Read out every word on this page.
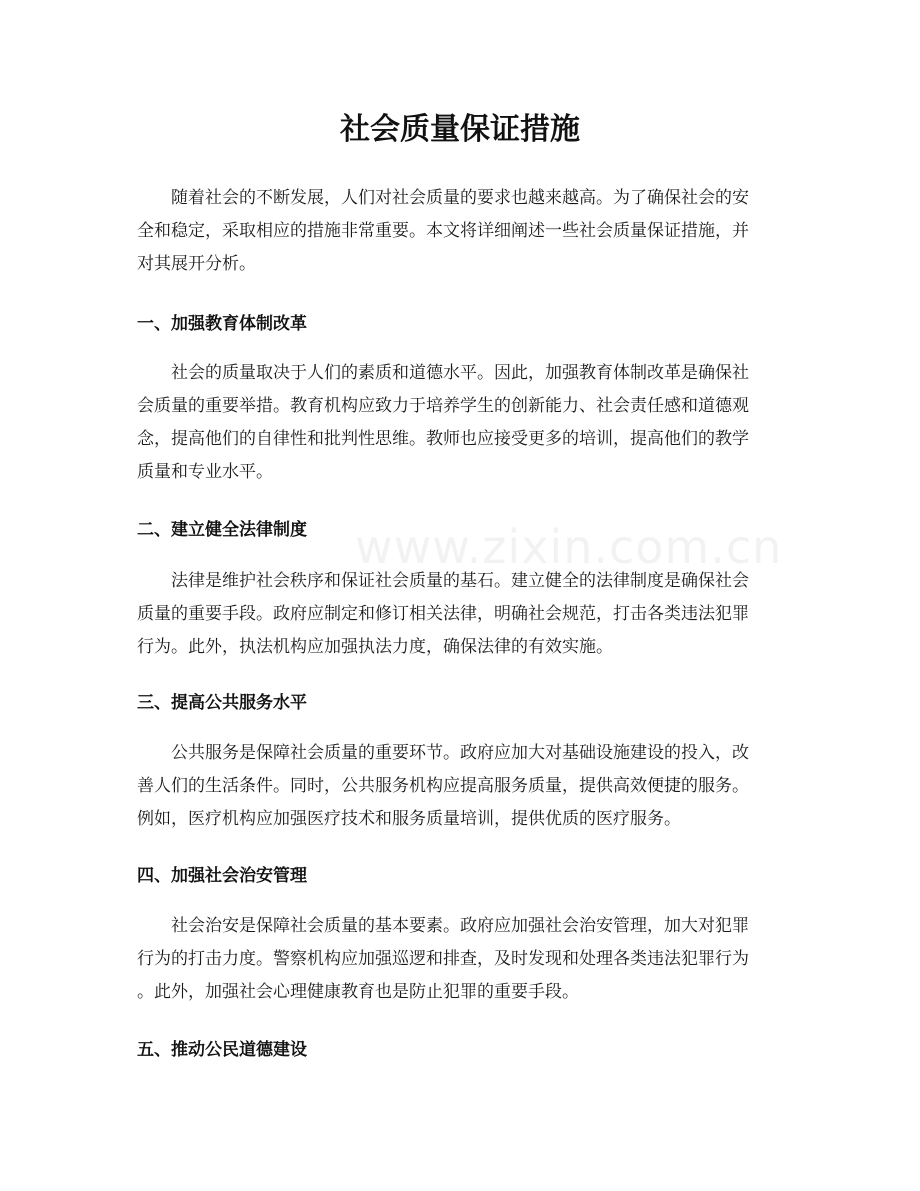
www.zixin.com.cn
社会质量保证措施

随着社会的不断发展，人们对社会质量的要求也越来越高。为了确保社会的安
全和稳定，采取相应的措施非常重要。本文将详细阐述一些社会质量保证措施，并
对其展开分析。

一、加强教育体制改革

社会的质量取决于人们的素质和道德水平。因此，加强教育体制改革是确保社
会质量的重要举措。教育机构应致力于培养学生的创新能力、社会责任感和道德观
念，提高他们的自律性和批判性思维。教师也应接受更多的培训，提高他们的教学
质量和专业水平。

二、建立健全法律制度

法律是维护社会秩序和保证社会质量的基石。建立健全的法律制度是确保社会
质量的重要手段。政府应制定和修订相关法律，明确社会规范，打击各类违法犯罪
行为。此外，执法机构应加强执法力度，确保法律的有效实施。

三、提高公共服务水平

公共服务是保障社会质量的重要环节。政府应加大对基础设施建设的投入，改
善人们的生活条件。同时，公共服务机构应提高服务质量，提供高效便捷的服务。
例如，医疗机构应加强医疗技术和服务质量培训，提供优质的医疗服务。

四、加强社会治安管理

社会治安是保障社会质量的基本要素。政府应加强社会治安管理，加大对犯罪
行为的打击力度。警察机构应加强巡逻和排查，及时发现和处理各类违法犯罪行为
。此外，加强社会心理健康教育也是防止犯罪的重要手段。

五、推动公民道德建设
